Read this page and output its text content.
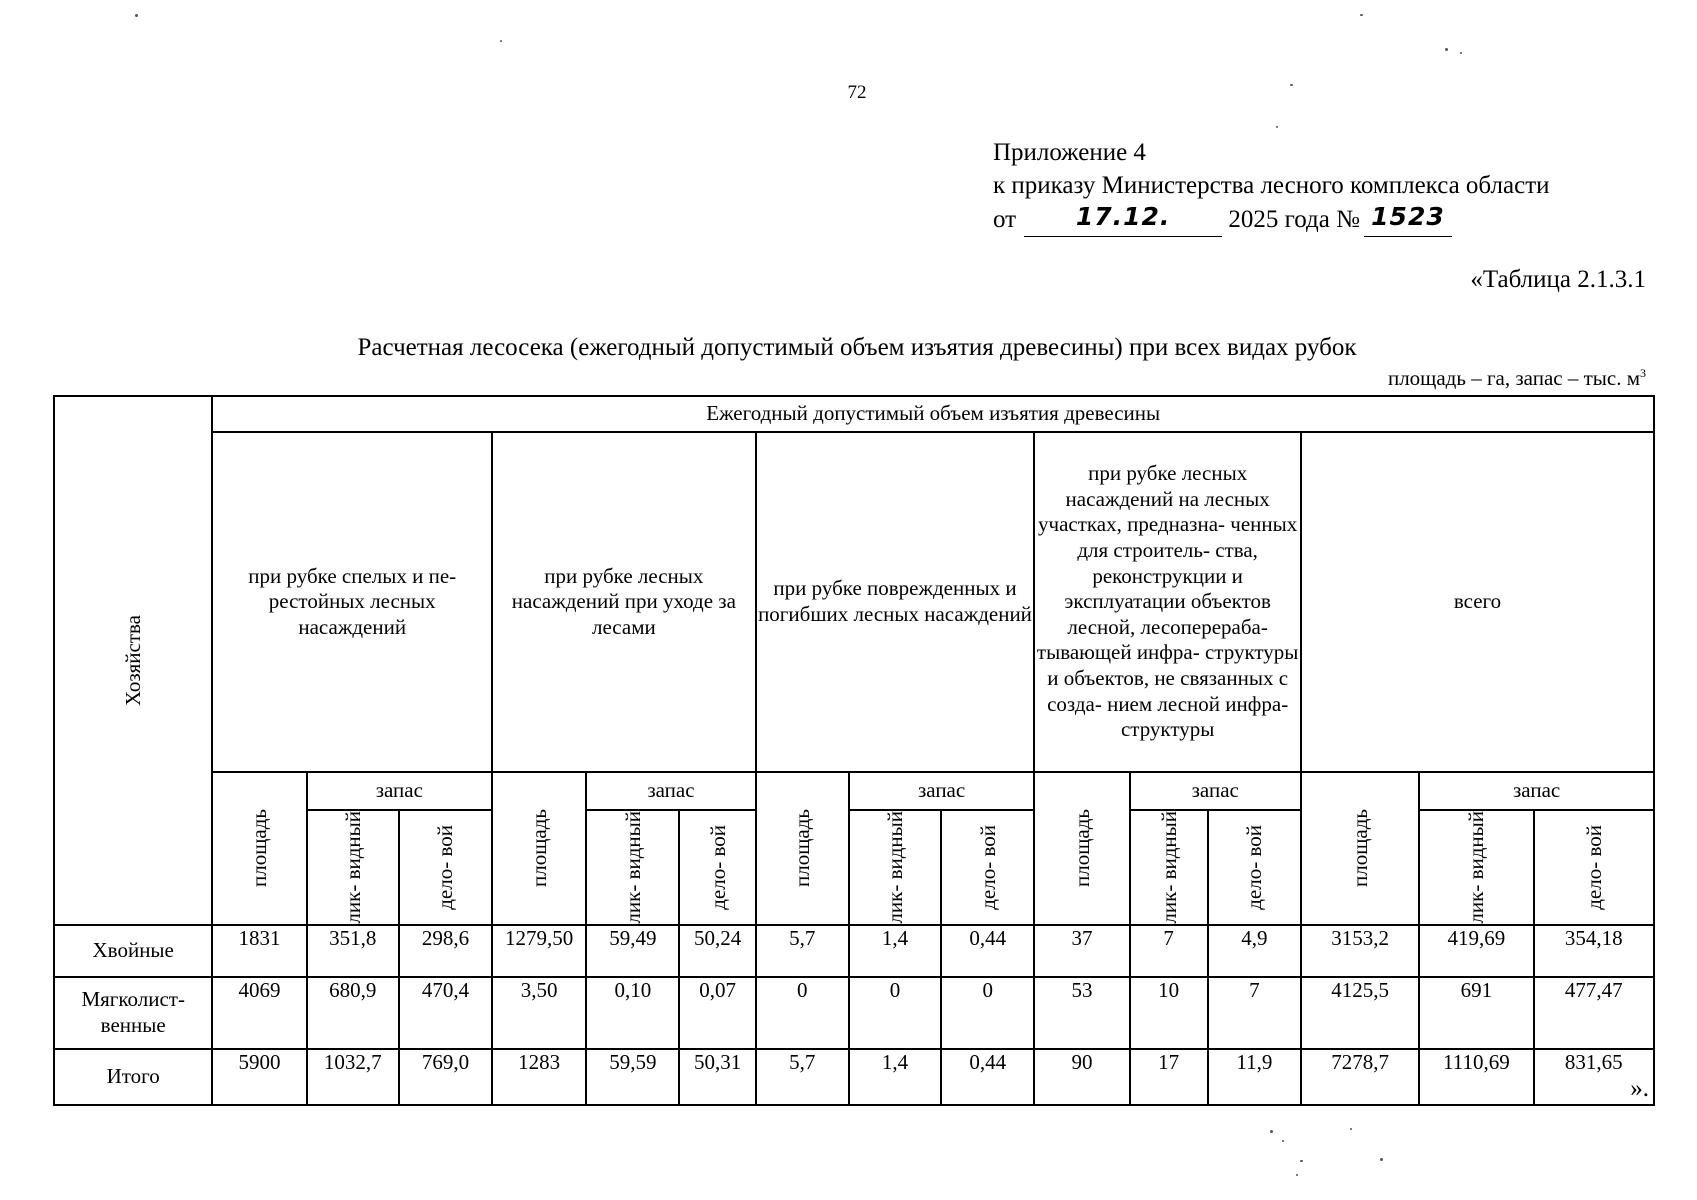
72
Приложение 4
к приказу Министерства лесного комплекса области
от 17.12. 2025 года № 1523
«Таблица 2.1.3.1
Расчетная лесосека (ежегодный допустимый объем изъятия древесины) при всех видах рубок
площадь – га, запас – тыс. $м^3$
Хозяйства	Ежегодный допустимый объем изъятия древесины														
	при рубке спелых и пе- рестойных лесных насаждений			при рубке лесных насаждений при уходе за лесами			при рубке поврежденных и погибших лесных насаждений			при рубке лесных насаждений на лесных участках, предназна- ченных для строитель- ства, реконструкции и эксплуатации объектов лесной, лесоперераба- тывающей инфра- структуры и объектов, не связанных с созда- нием лесной инфра- структуры			всего		

	площадь	запас		площадь	запас		площадь	запас		площадь	запас		площадь	запас	

		лик- видный	дело- вой		лик- видный	дело- вой		лик- видный	дело- вой		лик- видный	дело- вой		лик- видный	дело- вой

Хвойные	1831	351,8	298,6	1279,50	59,49	50,24	5,7	1,4	0,44	37	7	4,9	3153,2	419,69	354,18
Мягколист- венные	4069	680,9	470,4	3,50	0,10	0,07	0	0	0	53	10	7	4125,5	691	477,47
Итого	5900	1032,7	769,0	1283	59,59	50,31	5,7	1,4	0,44	90	17	11,9	7278,7	1110,69	831,65
».
